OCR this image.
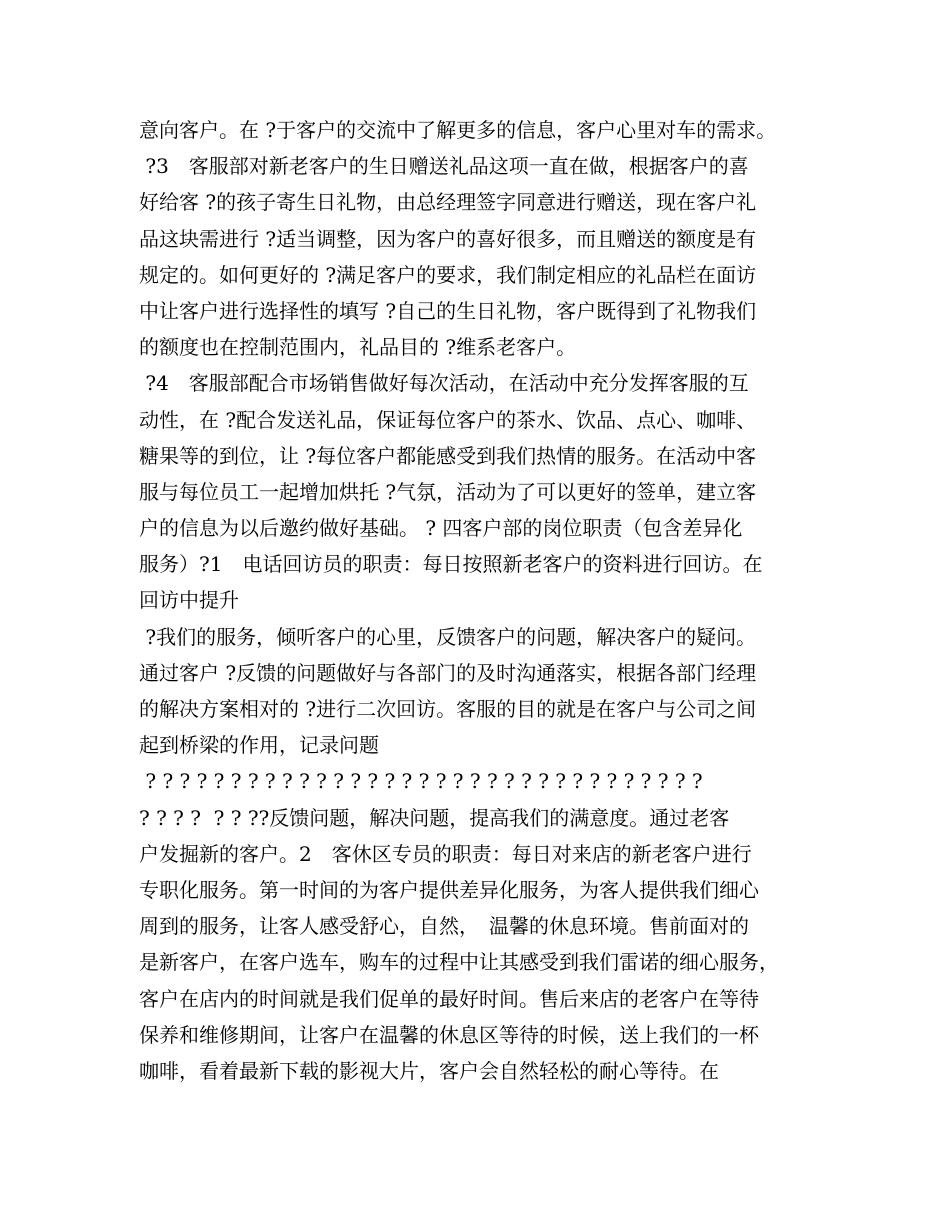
意向客户。在 ?于客户的交流中了解更多的信息，客户心里对车的需求。
?3　客服部对新老客户的生日赠送礼品这项一直在做，根据客户的喜
好给客 ?的孩子寄生日礼物，由总经理签字同意进行赠送，现在客户礼
品这块需进行 ?适当调整，因为客户的喜好很多，而且赠送的额度是有
规定的。如何更好的 ?满足客户的要求，我们制定相应的礼品栏在面访
中让客户进行选择性的填写 ?自己的生日礼物，客户既得到了礼物我们
的额度也在控制范围内，礼品目的 ?维系老客户。
?4　客服部配合市场销售做好每次活动，在活动中充分发挥客服的互
动性，在 ?配合发送礼品，保证每位客户的茶水、饮品、点心、咖啡、
糖果等的到位，让 ?每位客户都能感受到我们热情的服务。在活动中客
服与每位员工一起增加烘托 ?气氛，活动为了可以更好的签单，建立客
户的信息为以后邀约做好基础。 ? 四客户部的岗位职责（包含差异化
服务）?1　电话回访员的职责：每日按照新老客户的资料进行回访。在
回访中提升
?我们的服务，倾听客户的心里，反馈客户的问题，解决客户的疑问。
通过客户 ?反馈的问题做好与各部门的及时沟通落实，根据各部门经理
的解决方案相对的 ?进行二次回访。客服的目的就是在客户与公司之间
起到桥梁的作用，记录问题
? ? ? ? ? ? ? ? ? ? ? ? ? ? ? ? ? ? ? ? ? ? ? ? ? ? ? ? ? ? ? ? ?
? ? ? ?  ? ? ??反馈问题，解决问题，提高我们的满意度。通过老客
户发掘新的客户。2　客休区专员的职责：每日对来店的新老客户进行
专职化服务。第一时间的为客户提供差异化服务，为客人提供我们细心
周到的服务，让客人感受舒心，自然，　温馨的休息环境。售前面对的
是新客户，在客户选车，购车的过程中让其感受到我们雷诺的细心服务，
客户在店内的时间就是我们促单的最好时间。售后来店的老客户在等待
保养和维修期间，让客户在温馨的休息区等待的时候，送上我们的一杯
咖啡，看着最新下载的影视大片，客户会自然轻松的耐心等待。在
